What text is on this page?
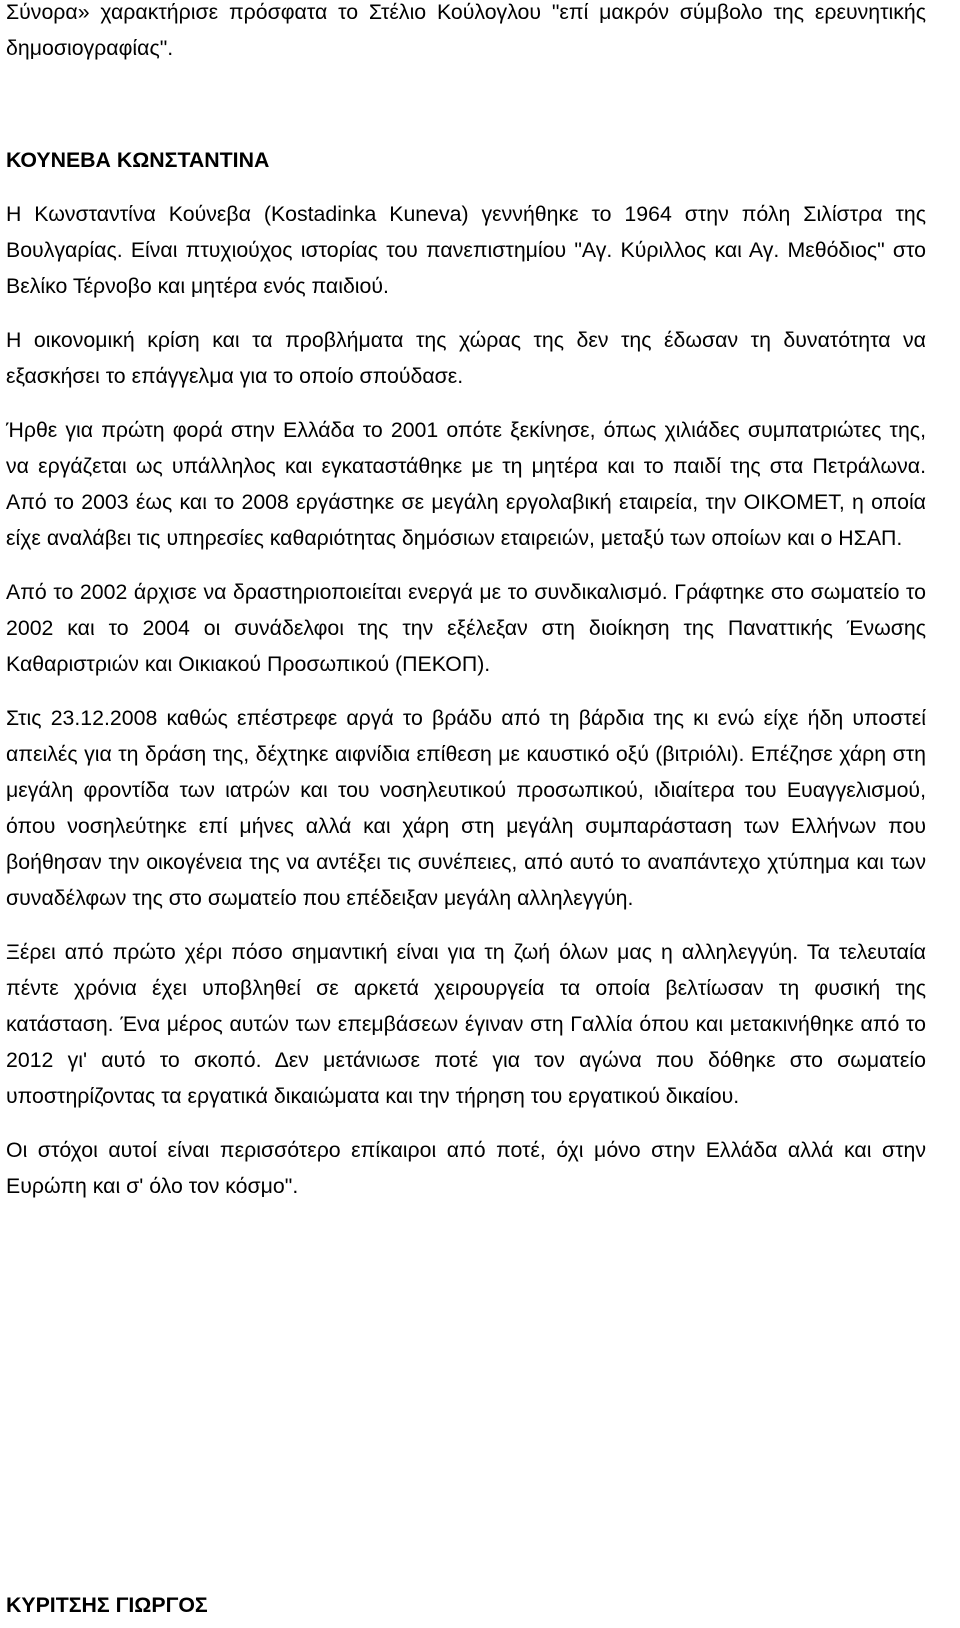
Σύνορα» χαρακτήρισε πρόσφατα το Στέλιο Κούλογλου "επί μακρόν σύμβολο της ερευνητικής δημοσιογραφίας".

ΚΟΥΝΕΒΑ ΚΩΝΣΤΑΝΤΙΝΑ

Η Κωνσταντίνα Κούνεβα (Kostadinka Kuneva) γεννήθηκε το 1964 στην πόλη Σιλίστρα της Βουλγαρίας. Είναι πτυχιούχος ιστορίας του πανεπιστημίου "Αγ. Κύριλλος και Αγ. Μεθόδιος" στο Βελίκο Τέρνοβο και μητέρα ενός παιδιού.

Η οικονομική κρίση και τα προβλήματα της χώρας της δεν της έδωσαν τη δυνατότητα να εξασκήσει το επάγγελμα για το οποίο σπούδασε.

Ήρθε για πρώτη φορά στην Ελλάδα το 2001 οπότε ξεκίνησε, όπως χιλιάδες συμπατριώτες της, να εργάζεται ως υπάλληλος και εγκαταστάθηκε με τη μητέρα και το παιδί της στα Πετράλωνα. Από το 2003 έως και το 2008 εργάστηκε σε μεγάλη εργολαβική εταιρεία, την ΟΙΚΟΜΕΤ, η οποία είχε αναλάβει τις υπηρεσίες καθαριότητας δημόσιων εταιρειών, μεταξύ των οποίων και ο ΗΣΑΠ.

Από το 2002 άρχισε να δραστηριοποιείται ενεργά με το συνδικαλισμό. Γράφτηκε στο σωματείο το 2002 και το 2004 οι συνάδελφοι της την εξέλεξαν στη διοίκηση της Παναττικής Ένωσης Καθαριστριών και Οικιακού Προσωπικού (ΠΕΚΟΠ).

Στις 23.12.2008 καθώς επέστρεφε αργά το βράδυ από τη βάρδια της κι ενώ είχε ήδη υποστεί απειλές για τη δράση της, δέχτηκε αιφνίδια επίθεση με καυστικό οξύ (βιτριόλι). Επέζησε χάρη στη μεγάλη φροντίδα των ιατρών και του νοσηλευτικού προσωπικού, ιδιαίτερα του Ευαγγελισμού, όπου νοσηλεύτηκε επί μήνες αλλά και χάρη στη μεγάλη συμπαράσταση των Ελλήνων που βοήθησαν την οικογένεια της να αντέξει τις συνέπειες, από αυτό το αναπάντεχο χτύπημα και των συναδέλφων της στο σωματείο που επέδειξαν μεγάλη αλληλεγγύη.

Ξέρει από πρώτο χέρι πόσο σημαντική είναι για τη ζωή όλων μας η αλληλεγγύη. Τα τελευταία πέντε χρόνια έχει υποβληθεί σε αρκετά χειρουργεία τα οποία βελτίωσαν τη φυσική της κατάσταση. Ένα μέρος αυτών των επεμβάσεων έγιναν στη Γαλλία όπου και μετακινήθηκε από το 2012 γι' αυτό το σκοπό. Δεν μετάνιωσε ποτέ για τον αγώνα που δόθηκε στο σωματείο υποστηρίζοντας τα εργατικά δικαιώματα και την τήρηση του εργατικού δικαίου.

Οι στόχοι αυτοί είναι περισσότερο επίκαιροι από ποτέ, όχι μόνο στην Ελλάδα αλλά και στην Ευρώπη και σ' όλο τον κόσμο".

ΚΥΡΙΤΣΗΣ ΓΙΩΡΓΟΣ
